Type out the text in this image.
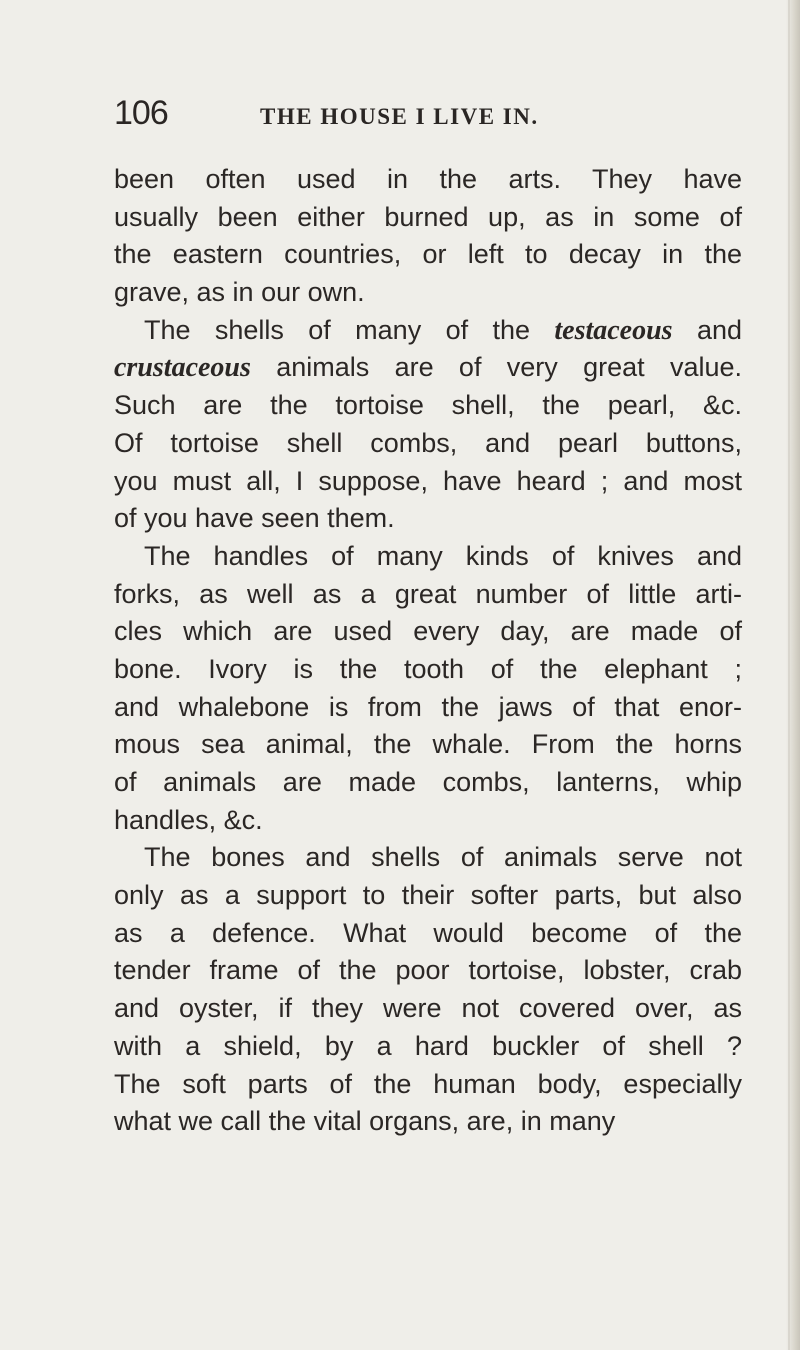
106	THE HOUSE I LIVE IN.
been often used in the arts. They have
usually been either burned up, as in some of
the eastern countries, or left to decay in the
grave, as in our own.
The shells of many of the testaceous and
crustaceous animals are of very great value.
Such are the tortoise shell, the pearl, &c.
Of tortoise shell combs, and pearl buttons,
you must all, I suppose, have heard ; and most
of you have seen them.
The handles of many kinds of knives and
forks, as well as a great number of little arti-
cles which are used every day, are made of
bone. Ivory is the tooth of the elephant ;
and whalebone is from the jaws of that enor-
mous sea animal, the whale. From the horns
of animals are made combs, lanterns, whip
handles, &c.
The bones and shells of animals serve not
only as a support to their softer parts, but also
as a defence. What would become of the
tender frame of the poor tortoise, lobster, crab
and oyster, if they were not covered over, as
with a shield, by a hard buckler of shell ?
The soft parts of the human body, especially
what we call the vital organs, are, in many
